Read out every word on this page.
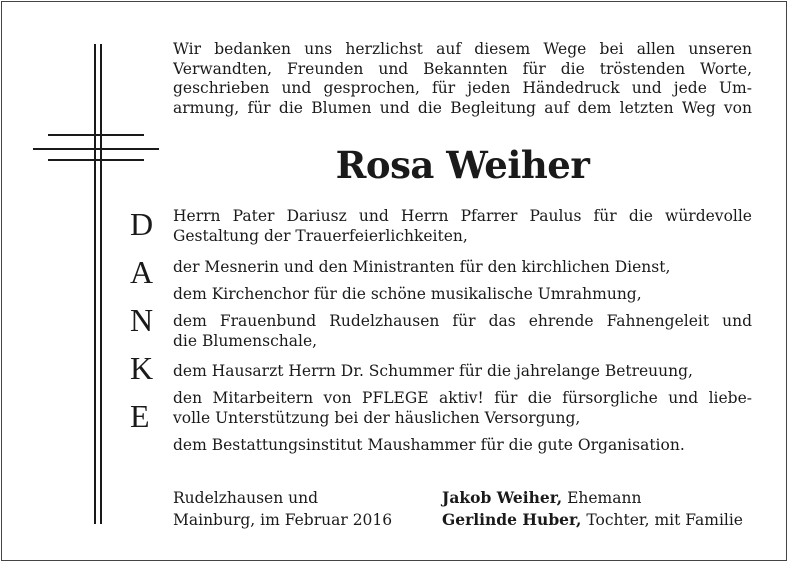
Wir bedanken uns herzlichst auf diesem Wege bei allen unseren
Verwandten, Freunden und Bekannten für die tröstenden Worte,
geschrieben und gesprochen, für jeden Händedruck und jede Um-
armung, für die Blumen und die Begleitung auf dem letzten Weg von
Rosa Weiher
D
A
N
K
E
Herrn Pater Dariusz und Herrn Pfarrer Paulus für die würdevolle
Gestaltung der Trauerfeierlichkeiten,
der Mesnerin und den Ministranten für den kirchlichen Dienst,
dem Kirchenchor für die schöne musikalische Umrahmung,
dem Frauenbund Rudelzhausen für das ehrende Fahnengeleit und
die Blumenschale,
dem Hausarzt Herrn Dr. Schummer für die jahrelange Betreuung,
den Mitarbeitern von PFLEGE aktiv! für die fürsorgliche und liebe-
volle Unterstützung bei der häuslichen Versorgung,
dem Bestattungsinstitut Maushammer für die gute Organisation.
Rudelzhausen und
Mainburg, im Februar 2016
Jakob Weiher, Ehemann
Gerlinde Huber, Tochter, mit Familie
